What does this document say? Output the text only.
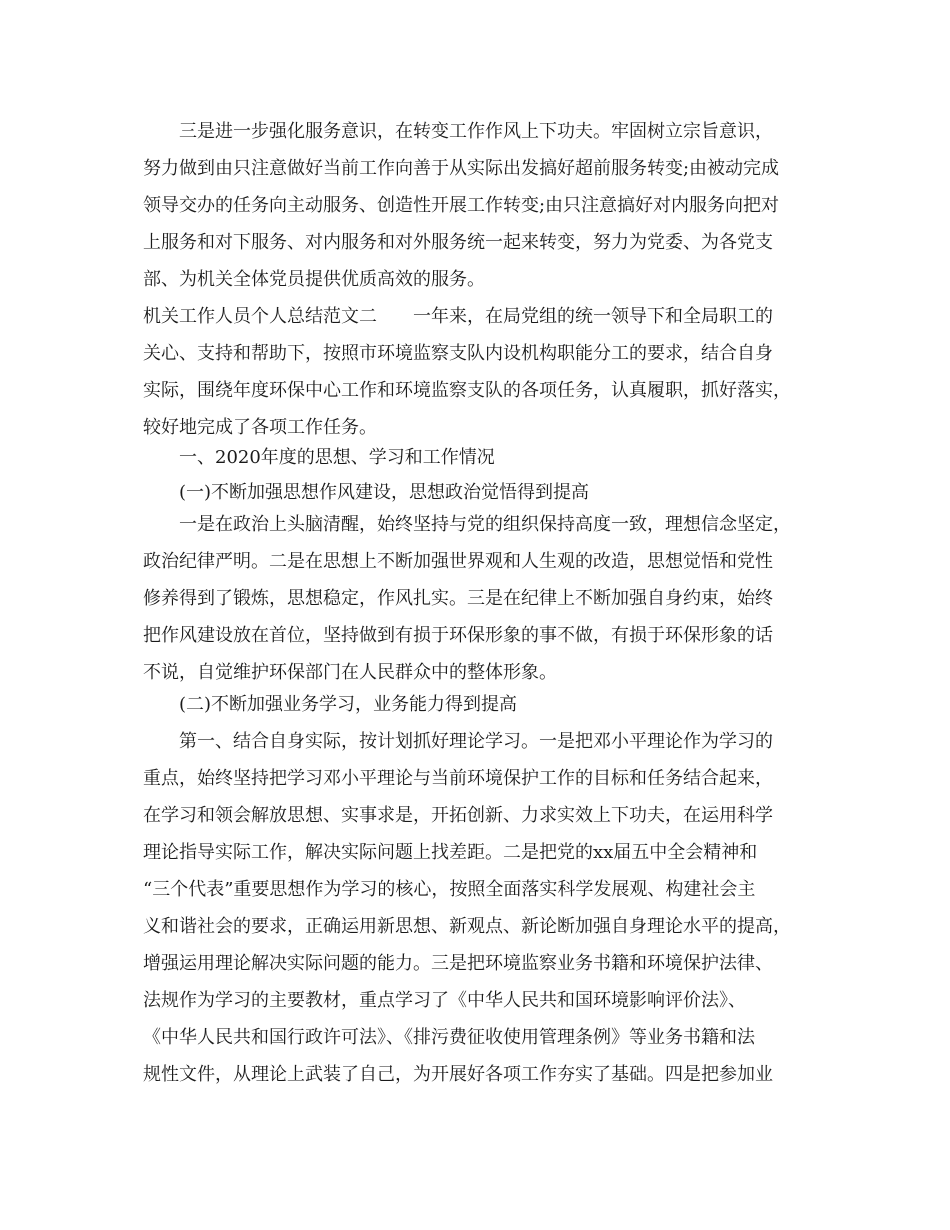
　　三是进一步强化服务意识，在转变工作作风上下功夫。牢固树立宗旨意识，
努力做到由只注意做好当前工作向善于从实际出发搞好超前服务转变;由被动完成
领导交办的任务向主动服务、创造性开展工作转变;由只注意搞好对内服务向把对
上服务和对下服务、对内服务和对外服务统一起来转变，努力为党委、为各党支
部、为机关全体党员提供优质高效的服务。
机关工作人员个人总结范文二　　一年来，在局党组的统一领导下和全局职工的
关心、支持和帮助下，按照市环境监察支队内设机构职能分工的要求，结合自身
实际，围绕年度环保中心工作和环境监察支队的各项任务，认真履职，抓好落实，
较好地完成了各项工作任务。
　　一、2020年度的思想、学习和工作情况
　　(一)不断加强思想作风建设，思想政治觉悟得到提高
　　一是在政治上头脑清醒，始终坚持与党的组织保持高度一致，理想信念坚定，
政治纪律严明。二是在思想上不断加强世界观和人生观的改造，思想觉悟和党性
修养得到了锻炼，思想稳定，作风扎实。三是在纪律上不断加强自身约束，始终
把作风建设放在首位，坚持做到有损于环保形象的事不做，有损于环保形象的话
不说，自觉维护环保部门在人民群众中的整体形象。
　　(二)不断加强业务学习，业务能力得到提高
　　第一、结合自身实际，按计划抓好理论学习。一是把邓小平理论作为学习的
重点，始终坚持把学习邓小平理论与当前环境保护工作的目标和任务结合起来，
在学习和领会解放思想、实事求是，开拓创新、力求实效上下功夫，在运用科学
理论指导实际工作，解决实际问题上找差距。二是把党的xx届五中全会精神和
“三个代表”重要思想作为学习的核心，按照全面落实科学发展观、构建社会主
义和谐社会的要求，正确运用新思想、新观点、新论断加强自身理论水平的提高，
增强运用理论解决实际问题的能力。三是把环境监察业务书籍和环境保护法律、
法规作为学习的主要教材，重点学习了《中华人民共和国环境影响评价法》、
《中华人民共和国行政许可法》、《排污费征收使用管理条例》等业务书籍和法
规性文件，从理论上武装了自己，为开展好各项工作夯实了基础。四是把参加业
